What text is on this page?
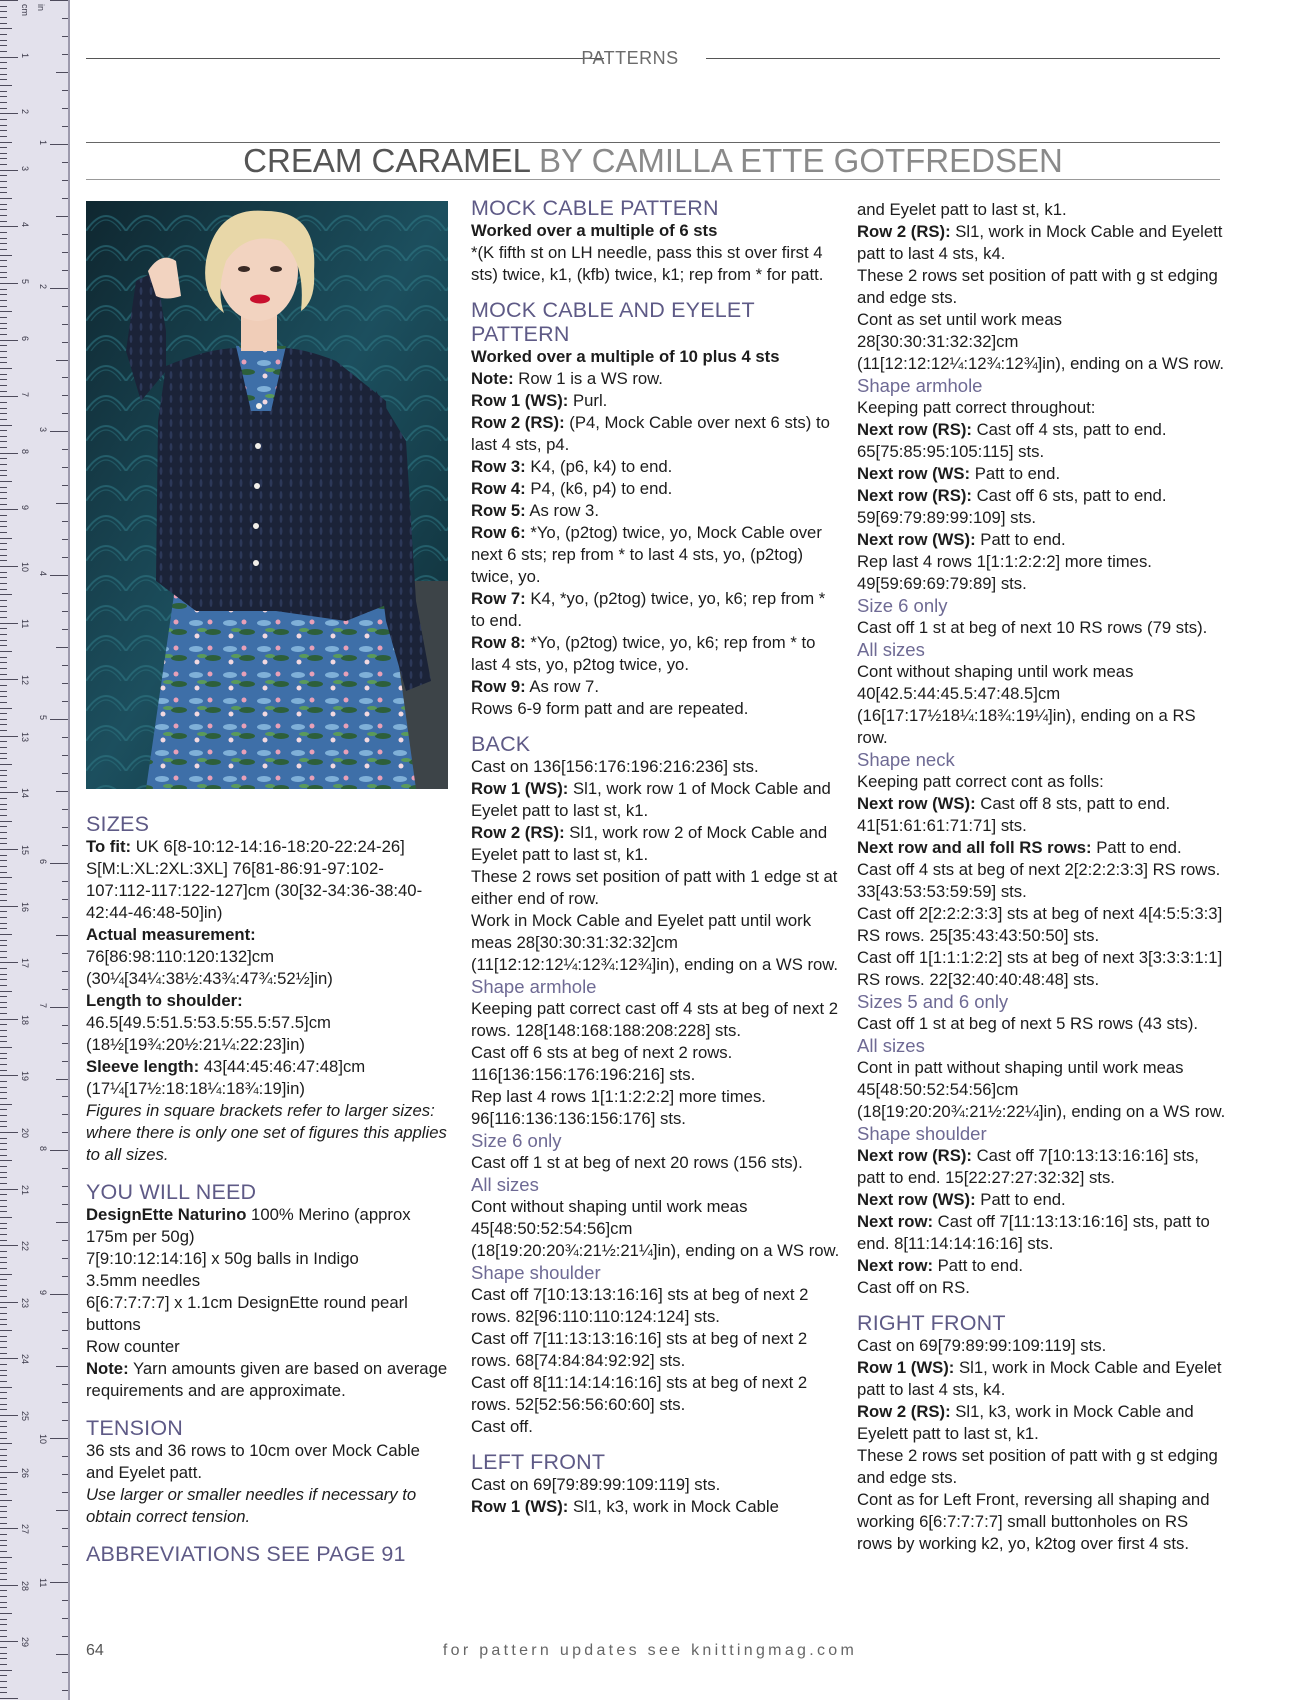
in
cm
1
2
3
4
5
6
7
8
9
10
11
12
13
14
15
16
17
18
19
20
21
22
23
24
25
26
27
28
29
1
2
3
4
5
6
7
8
9
10
11
PATTERNS
CREAM CARAMEL BY CAMILLA ETTE GOTFREDSEN
SIZES

To fit: UK 6[8-10:12-14:16-18:20-22:24-26] S[M:L:XL:2XL:3XL] 76[81-86:91-97:102-107:112-117:122-127]cm (30[32-34:36-38:40-42:44-46:48-50]in)

Actual measurement:

76[86:98:110:120:132]cm (30¼[34¼:38½:43¾:47¾:52½]in)

Length to shoulder:

46.5[49.5:51.5:53.5:55.5:57.5]cm (18½[19¾:20½:21¼:22:23]in)

Sleeve length: 43[44:45:46:47:48]cm (17¼[17½:18:18¼:18¾:19]in)

Figures in square brackets refer to larger sizes: where there is only one set of figures this applies to all sizes.

YOU WILL NEED

DesignEtte Naturino 100% Merino (approx 175m per 50g)

7[9:10:12:14:16] x 50g balls in Indigo

3.5mm needles

6[6:7:7:7:7] x 1.1cm DesignEtte round pearl buttons

Row counter

Note: Yarn amounts given are based on average requirements and are approximate.

TENSION

36 sts and 36 rows to 10cm over Mock Cable and Eyelet patt.

Use larger or smaller needles if necessary to obtain correct tension.

ABBREVIATIONS SEE PAGE 91
MOCK CABLE PATTERN

Worked over a multiple of 6 sts

*(K fifth st on LH needle, pass this st over first 4 sts) twice, k1, (kfb) twice, k1; rep from * for patt.

MOCK CABLE AND EYELET PATTERN

Worked over a multiple of 10 plus 4 sts

Note: Row 1 is a WS row.

Row 1 (WS): Purl.

Row 2 (RS): (P4, Mock Cable over next 6 sts) to last 4 sts, p4.

Row 3: K4, (p6, k4) to end.

Row 4: P4, (k6, p4) to end.

Row 5: As row 3.

Row 6: *Yo, (p2tog) twice, yo, Mock Cable over next 6 sts; rep from * to last 4 sts, yo, (p2tog) twice, yo.

Row 7: K4, *yo, (p2tog) twice, yo, k6; rep from * to end.

Row 8: *Yo, (p2tog) twice, yo, k6; rep from * to last 4 sts, yo, p2tog twice, yo.

Row 9: As row 7.

Rows 6-9 form patt and are repeated.

BACK

Cast on 136[156:176:196:216:236] sts.

Row 1 (WS): Sl1, work row 1 of Mock Cable and Eyelet patt to last st, k1.

Row 2 (RS): Sl1, work row 2 of Mock Cable and Eyelet patt to last st, k1.

These 2 rows set position of patt with 1 edge st at either end of row.

Work in Mock Cable and Eyelet patt until work meas 28[30:30:31:32:32]cm (11[12:12:12¼:12¾:12¾]in), ending on a WS row.

Shape armhole

Keeping patt correct cast off 4 sts at beg of next 2 rows. 128[148:168:188:208:228] sts.

Cast off 6 sts at beg of next 2 rows. 116[136:156:176:196:216] sts.

Rep last 4 rows 1[1:1:2:2:2] more times. 96[116:136:136:156:176] sts.

Size 6 only

Cast off 1 st at beg of next 20 rows (156 sts).

All sizes

Cont without shaping until work meas 45[48:50:52:54:56]cm (18[19:20:20¾:21½:21¼]in), ending on a WS row.

Shape shoulder

Cast off 7[10:13:13:16:16] sts at beg of next 2 rows. 82[96:110:110:124:124] sts.

Cast off 7[11:13:13:16:16] sts at beg of next 2 rows. 68[74:84:84:92:92] sts.

Cast off 8[11:14:14:16:16] sts at beg of next 2 rows. 52[52:56:56:60:60] sts.

Cast off.

LEFT FRONT

Cast on 69[79:89:99:109:119] sts.

Row 1 (WS): Sl1, k3, work in Mock Cable

and Eyelet patt to last st, k1.

Row 2 (RS): Sl1, work in Mock Cable and Eyelett patt to last 4 sts, k4.

These 2 rows set position of patt with g st edging and edge sts.

Cont as set until work meas 28[30:30:31:32:32]cm (11[12:12:12¼:12¾:12¾]in), ending on a WS row.

Shape armhole

Keeping patt correct throughout:

Next row (RS): Cast off 4 sts, patt to end. 65[75:85:95:105:115] sts.

Next row (WS: Patt to end.

Next row (RS): Cast off 6 sts, patt to end. 59[69:79:89:99:109] sts.

Next row (WS): Patt to end.

Rep last 4 rows 1[1:1:2:2:2] more times. 49[59:69:69:79:89] sts.

Size 6 only

Cast off 1 st at beg of next 10 RS rows (79 sts).

All sizes

Cont without shaping until work meas 40[42.5:44:45.5:47:48.5]cm (16[17:17½18¼:18¾:19¼]in), ending on a RS row.

Shape neck

Keeping patt correct cont as folls:

Next row (WS): Cast off 8 sts, patt to end. 41[51:61:61:71:71] sts.

Next row and all foll RS rows: Patt to end.

Cast off 4 sts at beg of next 2[2:2:2:3:3] RS rows. 33[43:53:53:59:59] sts.

Cast off 2[2:2:2:3:3] sts at beg of next 4[4:5:5:3:3] RS rows. 25[35:43:43:50:50] sts.

Cast off 1[1:1:1:2:2] sts at beg of next 3[3:3:3:1:1] RS rows. 22[32:40:40:48:48] sts.

Sizes 5 and 6 only

Cast off 1 st at beg of next 5 RS rows (43 sts).

All sizes

Cont in patt without shaping until work meas 45[48:50:52:54:56]cm (18[19:20:20¾:21½:22¼]in), ending on a WS row.

Shape shoulder

Next row (RS): Cast off 7[10:13:13:16:16] sts, patt to end. 15[22:27:27:32:32] sts.

Next row (WS): Patt to end.

Next row: Cast off 7[11:13:13:16:16] sts, patt to end. 8[11:14:14:16:16] sts.

Next row: Patt to end.

Cast off on RS.

RIGHT FRONT

Cast on 69[79:89:99:109:119] sts.

Row 1 (WS): Sl1, work in Mock Cable and Eyelet patt to last 4 sts, k4.

Row 2 (RS): Sl1, k3, work in Mock Cable and Eyelett patt to last st, k1.

These 2 rows set position of patt with g st edging and edge sts.

Cont as for Left Front, reversing all shaping and working 6[6:7:7:7:7] small buttonholes on RS rows by working k2, yo, k2tog over first 4 sts.

64	for pattern updates see knittingmag.com
